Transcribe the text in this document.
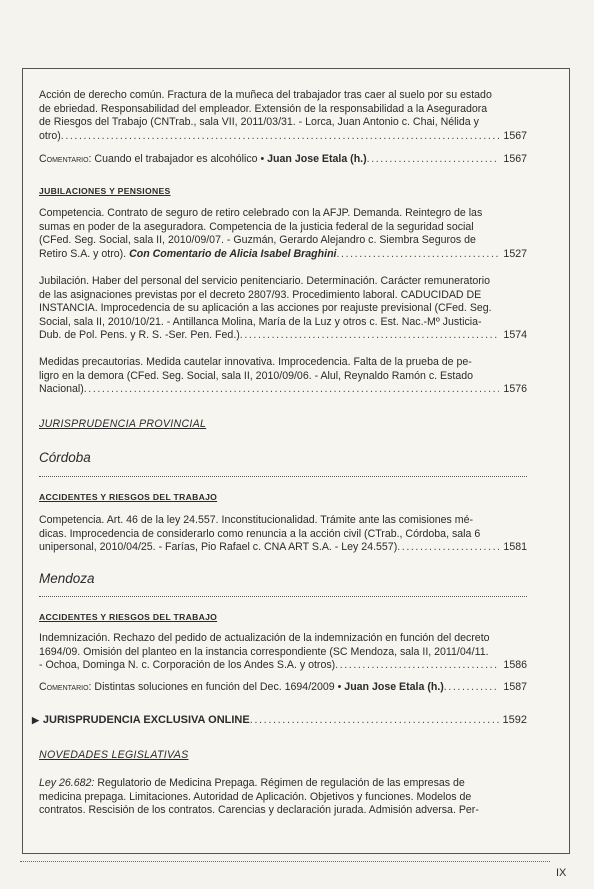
Acción de derecho común. Fractura de la muñeca del trabajador tras caer al suelo por su estado

de ebriedad. Responsabilidad del empleador. Extensión de la responsabilidad a la Aseguradora

de Riesgos del Trabajo (CNTrab., sala VII, 2011/03/31. - Lorca, Juan Antonio c. Chai, Nélida y

otro) .....	1567
Comentario: Cuando el trabajador es alcohólico • Juan Jose Etala (h.) .....	1567
JUBILACIONES Y PENSIONES

Competencia. Contrato de seguro de retiro celebrado con la AFJP. Demanda. Reintegro de las

sumas en poder de la aseguradora. Competencia de la justicia federal de la seguridad social

(CFed. Seg. Social, sala II, 2010/09/07. - Guzmán, Gerardo Alejandro c. Siembra Seguros de

Retiro S.A. y otro). Con Comentario de Alicia Isabel Braghini .....	1527

Jubilación. Haber del personal del servicio penitenciario. Determinación. Carácter remuneratorio

de las asignaciones previstas por el decreto 2807/93. Procedimiento laboral. CADUCIDAD DE

INSTANCIA. Improcedencia de su aplicación a las acciones por reajuste previsional (CFed. Seg.

Social, sala II, 2010/10/21. - Antillanca Molina, María de la Luz y otros c. Est. Nac.-Mº Justicia-

Dub. de Pol. Pens. y R. S. -Ser. Pen. Fed.) .....	1574

Medidas precautorias. Medida cautelar innovativa. Improcedencia. Falta de la prueba de pe-

ligro en la demora (CFed. Seg. Social, sala II, 2010/09/06. - Alul, Reynaldo Ramón c. Estado

Nacional) .....	1576
JURISPRUDENCIA PROVINCIAL
Córdoba
ACCIDENTES Y RIESGOS DEL TRABAJO

Competencia. Art. 46 de la ley 24.557. Inconstitucionalidad. Trámite ante las comisiones mé-

dicas. Improcedencia de considerarlo como renuncia a la acción civil (CTrab., Córdoba, sala 6

unipersonal, 2010/04/25. - Farías, Pio Rafael c. CNA ART S.A. - Ley 24.557) .....	1581
Mendoza
ACCIDENTES Y RIESGOS DEL TRABAJO

Indemnización. Rechazo del pedido de actualización de la indemnización en función del decreto

1694/09. Omisión del planteo en la instancia correspondiente (SC Mendoza, sala II, 2011/04/11.

- Ochoa, Dominga N. c. Corporación de los Andes S.A. y otros) .....	1586
Comentario: Distintas soluciones en función del Dec. 1694/2009 • Juan Jose Etala (h.) .....	1587
▶ JURISPRUDENCIA EXCLUSIVA ONLINE .....	1592
NOVEDADES LEGISLATIVAS

Ley 26.682: Regulatorio de Medicina Prepaga. Régimen de regulación de las empresas de

medicina prepaga. Limitaciones. Autoridad de Aplicación. Objetivos y funciones. Modelos de

contratos. Rescisión de los contratos. Carencias y declaración jurada. Admisión adversa. Per-

IX
